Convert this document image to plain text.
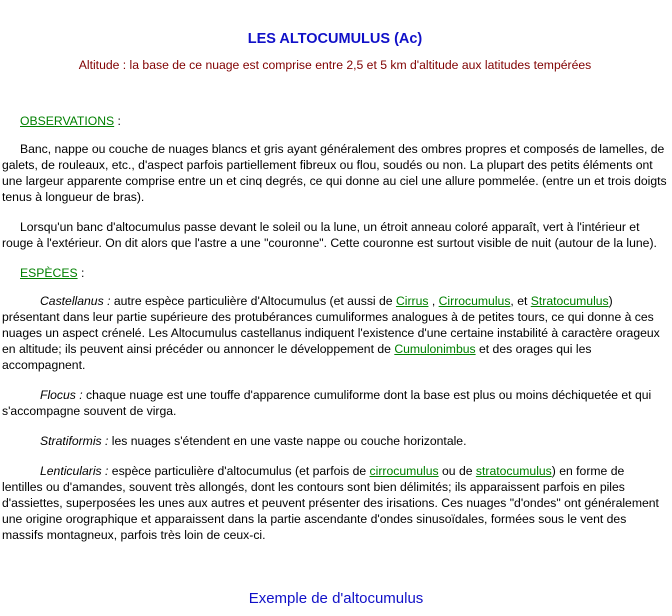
LES ALTOCUMULUS (Ac)
Altitude : la base de ce nuage est comprise entre 2,5 et 5 km d'altitude aux latitudes tempérées
OBSERVATIONS :

Banc, nappe ou couche de nuages blancs et gris ayant généralement des ombres propres et composés de lamelles, de galets, de rouleaux, etc., d'aspect parfois partiellement fibreux ou flou, soudés ou non. La plupart des petits éléments ont une largeur apparente comprise entre un et cinq degrés, ce qui donne au ciel une allure pommelée. (entre un et trois doigts tenus à longueur de bras).

Lorsqu'un banc d'altocumulus passe devant le soleil ou la lune, un étroit anneau coloré apparaît, vert à l'intérieur et rouge à l'extérieur. On dit alors que l'astre a une "couronne". Cette couronne est surtout visible de nuit (autour de la lune).

ESPÈCES :

Castellanus : autre espèce particulière d'Altocumulus (et aussi de Cirrus , Cirrocumulus, et Stratocumulus) présentant dans leur partie supérieure des protubérances cumuliformes analogues à de petites tours, ce qui donne à ces nuages un aspect crénelé. Les Altocumulus castellanus indiquent l'existence d'une certaine instabilité à caractère orageux en altitude; ils peuvent ainsi précéder ou annoncer le développement de Cumulonimbus et des orages qui les accompagnent.

Flocus : chaque nuage est une touffe d'apparence cumuliforme dont la base est plus ou moins déchiquetée et qui s'accompagne souvent de virga.

Stratiformis : les nuages s'étendent en une vaste nappe ou couche horizontale.

Lenticularis : espèce particulière d'altocumulus (et parfois de cirrocumulus ou de stratocumulus) en forme de lentilles ou d'amandes, souvent très allongés, dont les contours sont bien délimités; ils apparaissent parfois en piles d'assiettes, superposées les unes aux autres et peuvent présenter des irisations. Ces nuages "d'ondes" ont généralement une origine orographique et apparaissent dans la partie ascendante d'ondes sinusoïdales, formées sous le vent des massifs montagneux, parfois très loin de ceux-ci.

Exemple de d'altocumulus
